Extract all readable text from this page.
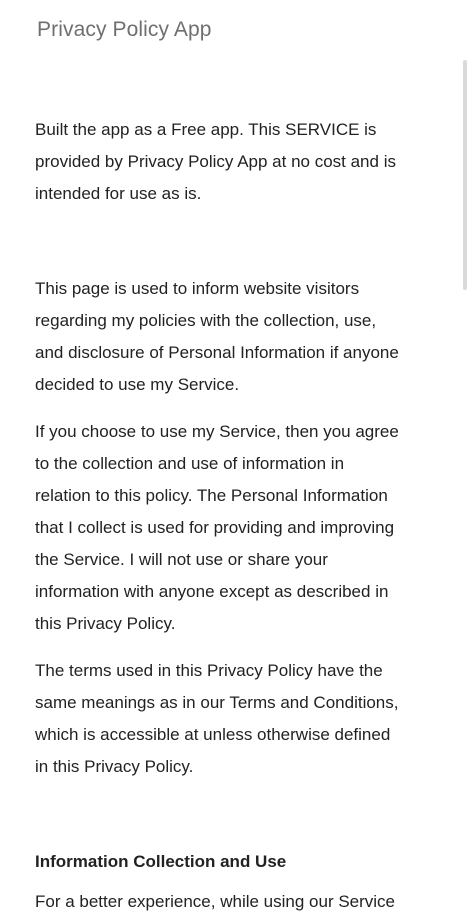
Privacy Policy App

Built the app as a Free app. This SERVICE is
provided by Privacy Policy App at no cost and is
intended for use as is.

This page is used to inform website visitors
regarding my policies with the collection, use,
and disclosure of Personal Information if anyone
decided to use my Service.

If you choose to use my Service, then you agree
to the collection and use of information in
relation to this policy. The Personal Information
that I collect is used for providing and improving
the Service. I will not use or share your
information with anyone except as described in
this Privacy Policy.

The terms used in this Privacy Policy have the
same meanings as in our Terms and Conditions,
which is accessible at unless otherwise defined
in this Privacy Policy.

Information Collection and Use
For a better experience, while using our Service
